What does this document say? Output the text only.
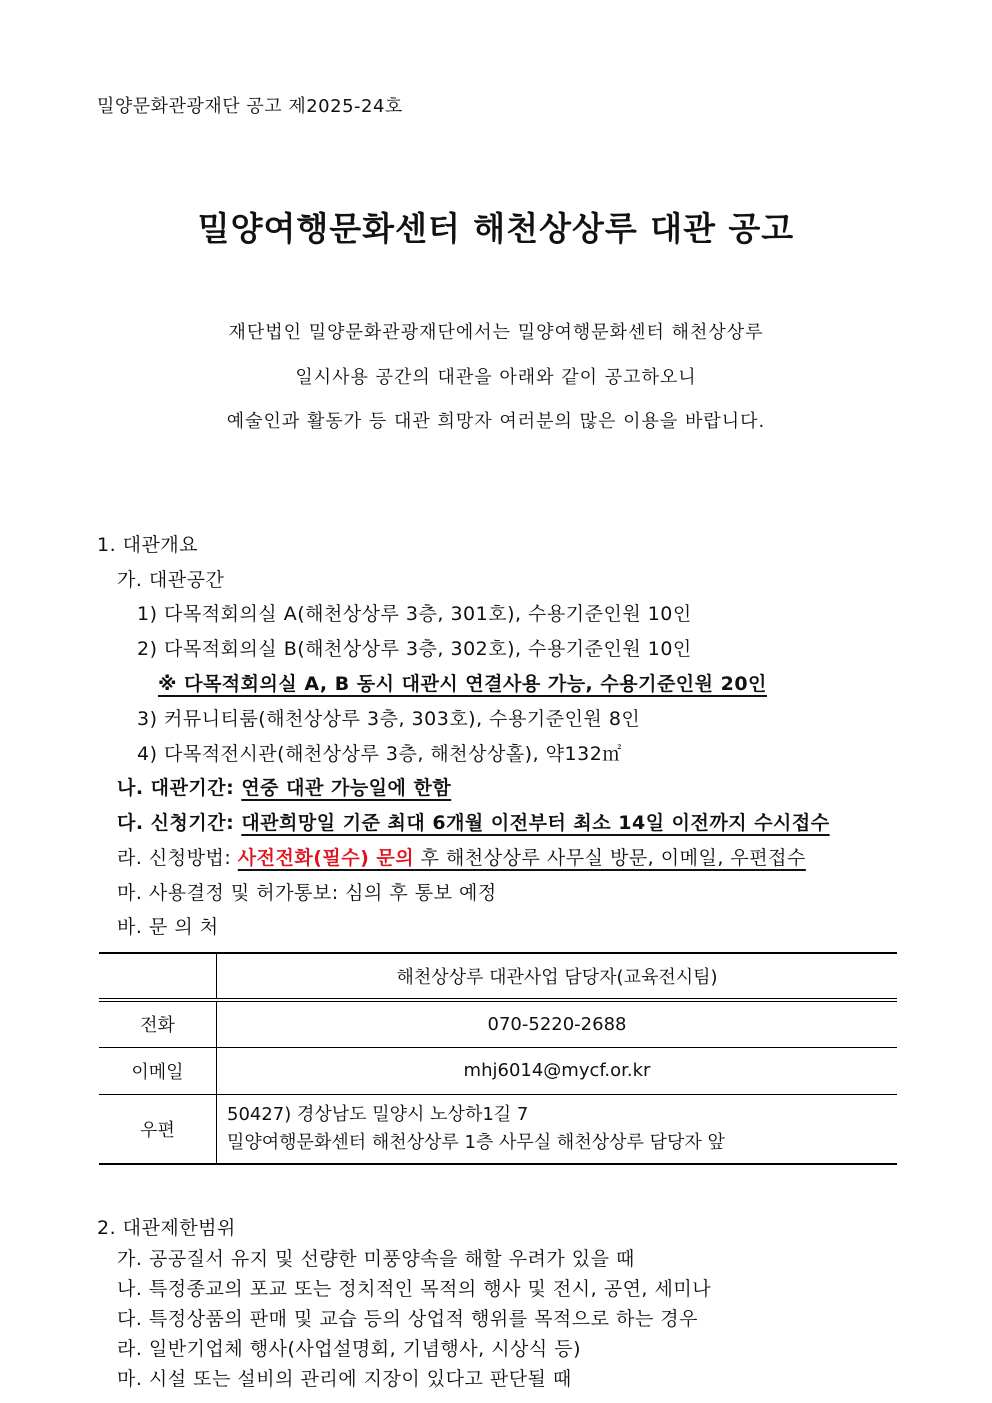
밀양문화관광재단 공고 제2025-24호
밀양여행문화센터 해천상상루 대관 공고
재단법인 밀양문화관광재단에서는 밀양여행문화센터 해천상상루
일시사용 공간의 대관을 아래와 같이 공고하오니
예술인과 활동가 등 대관 희망자 여러분의 많은 이용을 바랍니다.
1. 대관개요
가. 대관공간
1) 다목적회의실 A(해천상상루 3층, 301호), 수용기준인원 10인
2) 다목적회의실 B(해천상상루 3층, 302호), 수용기준인원 10인
※ 다목적회의실 A, B 동시 대관시 연결사용 가능, 수용기준인원 20인
3) 커뮤니티룸(해천상상루 3층, 303호), 수용기준인원 8인
4) 다목적전시관(해천상상루 3층, 해천상상홀), 약132㎡
나. 대관기간: 연중 대관 가능일에 한함
다. 신청기간: 대관희망일 기준 최대 6개월 이전부터 최소 14일 이전까지 수시접수
라. 신청방법: 사전전화(필수) 문의 후 해천상상루 사무실 방문, 이메일, 우편접수
마. 사용결정 및 허가통보: 심의 후 통보 예정
바. 문 의 처
	해천상상루 대관사업 담당자(교육전시팀)
전화	070-5220-2688
이메일	mhj6014@mycf.or.kr
우편	50427) 경상남도 밀양시 노상하1길 7
밀양여행문화센터 해천상상루 1층 사무실 해천상상루 담당자 앞
2. 대관제한범위
가. 공공질서 유지 및 선량한 미풍양속을 해할 우려가 있을 때
나. 특정종교의 포교 또는 정치적인 목적의 행사 및 전시, 공연, 세미나
다. 특정상품의 판매 및 교습 등의 상업적 행위를 목적으로 하는 경우
라. 일반기업체 행사(사업설명회, 기념행사, 시상식 등)
마. 시설 또는 설비의 관리에 지장이 있다고 판단될 때
